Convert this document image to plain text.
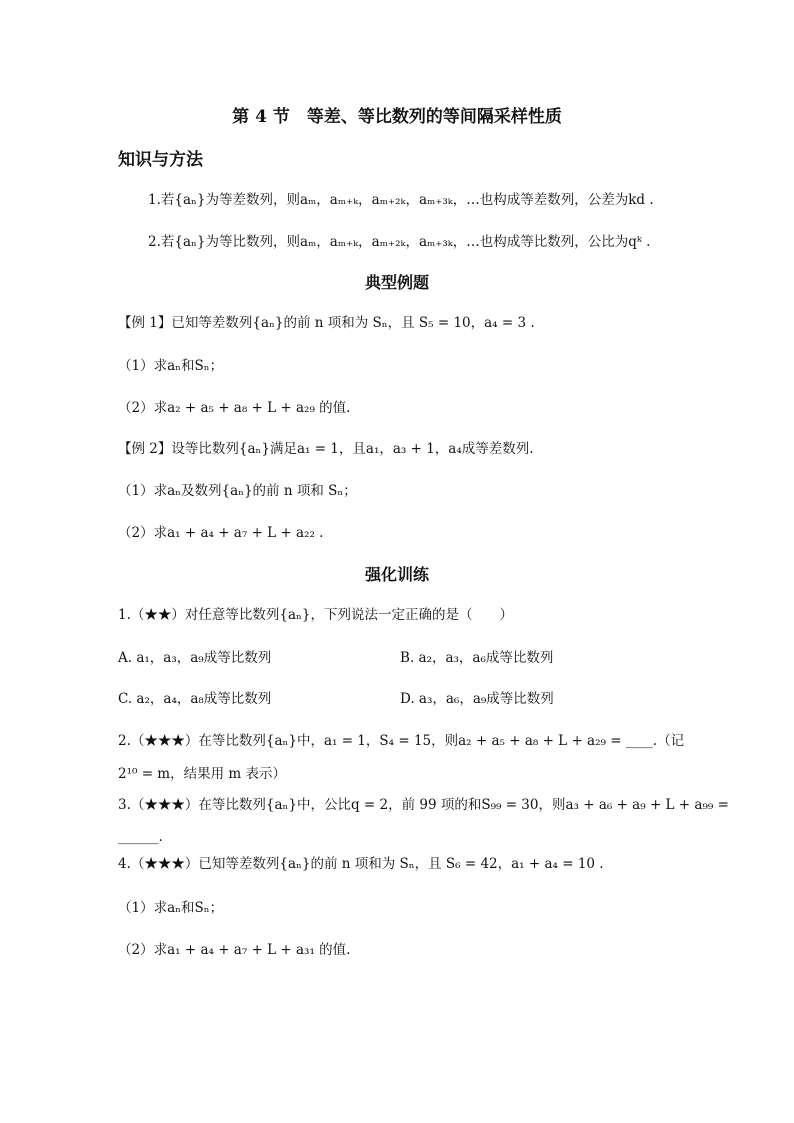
第 4 节　等差、等比数列的等间隔采样性质
知识与方法
1.若{aₙ}为等差数列，则aₘ，aₘ₊ₖ，aₘ₊₂ₖ，aₘ₊₃ₖ，…也构成等差数列，公差为kd .
2.若{aₙ}为等比数列，则aₘ，aₘ₊ₖ，aₘ₊₂ₖ，aₘ₊₃ₖ，…也构成等比数列，公比为qᵏ .
典型例题
【例 1】已知等差数列{aₙ}的前 n 项和为 Sₙ，且 S₅ = 10，a₄ = 3 .
（1）求aₙ和Sₙ；
（2）求a₂ + a₅ + a₈ + L + a₂₉ 的值.
【例 2】设等比数列{aₙ}满足a₁ = 1，且a₁，a₃ + 1，a₄成等差数列.
（1）求aₙ及数列{aₙ}的前 n 项和 Sₙ；
（2）求a₁ + a₄ + a₇ + L + a₂₂ .
强化训练
1.（★★）对任意等比数列{aₙ}，下列说法一定正确的是（　　）
A. a₁，a₃，a₉成等比数列	B. a₂，a₃，a₆成等比数列
C. a₂，a₄，a₈成等比数列	D. a₃，a₆，a₉成等比数列
2.（★★★）在等比数列{aₙ}中，a₁ = 1，S₄ = 15，则a₂ + a₅ + a₈ + L + a₂₉ = ____.（记
2¹⁰ = m，结果用 m 表示）
3.（★★★）在等比数列{aₙ}中，公比q = 2，前 99 项的和S₉₉ = 30，则a₃ + a₆ + a₉ + L + a₉₉ =
______.
4.（★★★）已知等差数列{aₙ}的前 n 项和为 Sₙ，且 S₆ = 42，a₁ + a₄ = 10 .
（1）求aₙ和Sₙ；
（2）求a₁ + a₄ + a₇ + L + a₃₁ 的值.
